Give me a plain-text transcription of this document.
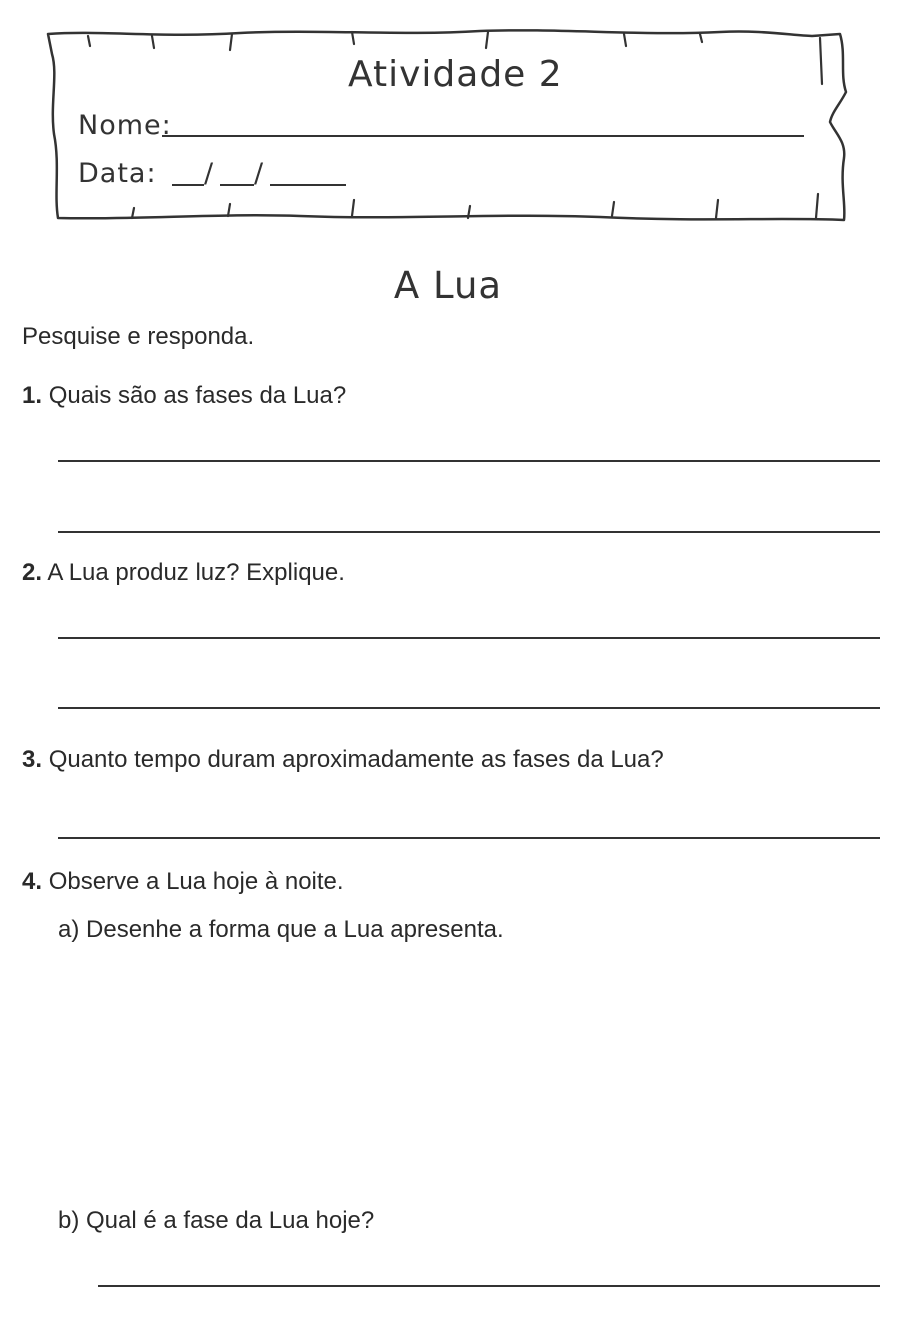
Atividade 2
Nome:
Data: / /
A Lua
Pesquise e responda.
1. Quais são as fases da Lua?
2. A Lua produz luz? Explique.
3. Quanto tempo duram aproximadamente as fases da Lua?
4. Observe a Lua hoje à noite.
a) Desenhe a forma que a Lua apresenta.
b) Qual é a fase da Lua hoje?
